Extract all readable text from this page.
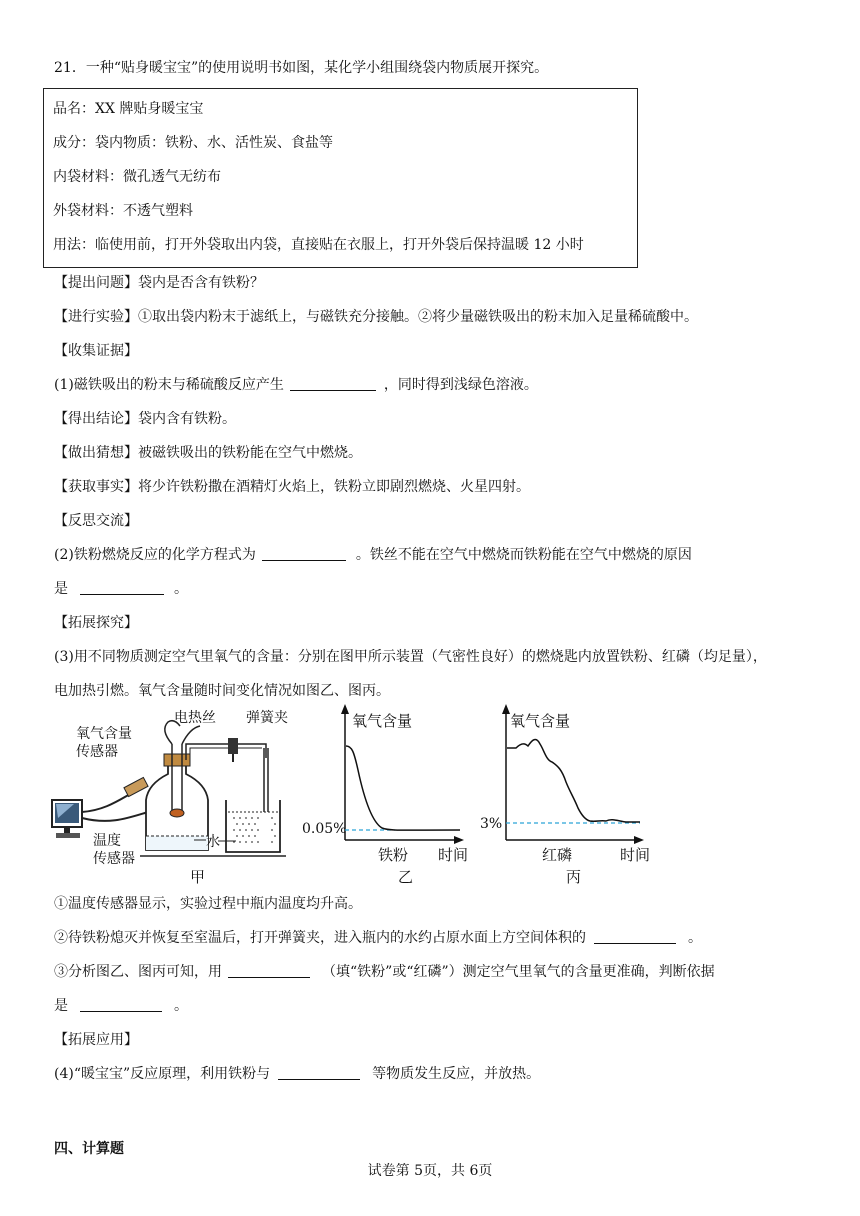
21．一种“贴身暖宝宝”的使用说明书如图，某化学小组围绕袋内物质展开探究。
品名：XX 牌贴身暖宝宝
成分：袋内物质：铁粉、水、活性炭、食盐等
内袋材料：微孔透气无纺布
外袋材料：不透气塑料
用法：临使用前，打开外袋取出内袋，直接贴在衣服上，打开外袋后保持温暖 12 小时
【提出问题】袋内是否含有铁粉？
【进行实验】①取出袋内粉末于滤纸上，与磁铁充分接触。②将少量磁铁吸出的粉末加入足量稀硫酸中。
【收集证据】
(1)磁铁吸出的粉末与稀硫酸反应产生	，同时得到浅绿色溶液。
【得出结论】袋内含有铁粉。
【做出猜想】被磁铁吸出的铁粉能在空气中燃烧。
【获取事实】将少许铁粉撒在酒精灯火焰上，铁粉立即剧烈燃烧、火星四射。
【反思交流】
(2)铁粉燃烧反应的化学方程式为	。铁丝不能在空气中燃烧而铁粉能在空气中燃烧的原因
是	。
【拓展探究】
(3)用不同物质测定空气里氧气的含量：分别在图甲所示装置（气密性良好）的燃烧匙内放置铁粉、红磷（均足量），
电加热引燃。氧气含量随时间变化情况如图乙、图丙。
氧气含量
传感器
温度
传感器
电热丝 弹簧夹
水
甲
氧气含量
0.05%
铁粉 时间
乙
氧气含量
3%
红磷	时间
丙
①温度传感器显示，实验过程中瓶内温度均升高。
②待铁粉熄灭并恢复至室温后，打开弹簧夹，进入瓶内的水约占原水面上方空间体积的	。
③分析图乙、图丙可知，用	（填“铁粉”或“红磷”）测定空气里氧气的含量更准确，判断依据
是	。
【拓展应用】
(4)“暖宝宝”反应原理，利用铁粉与	等物质发生反应，并放热。
四、计算题
试卷第 5页，共 6页
